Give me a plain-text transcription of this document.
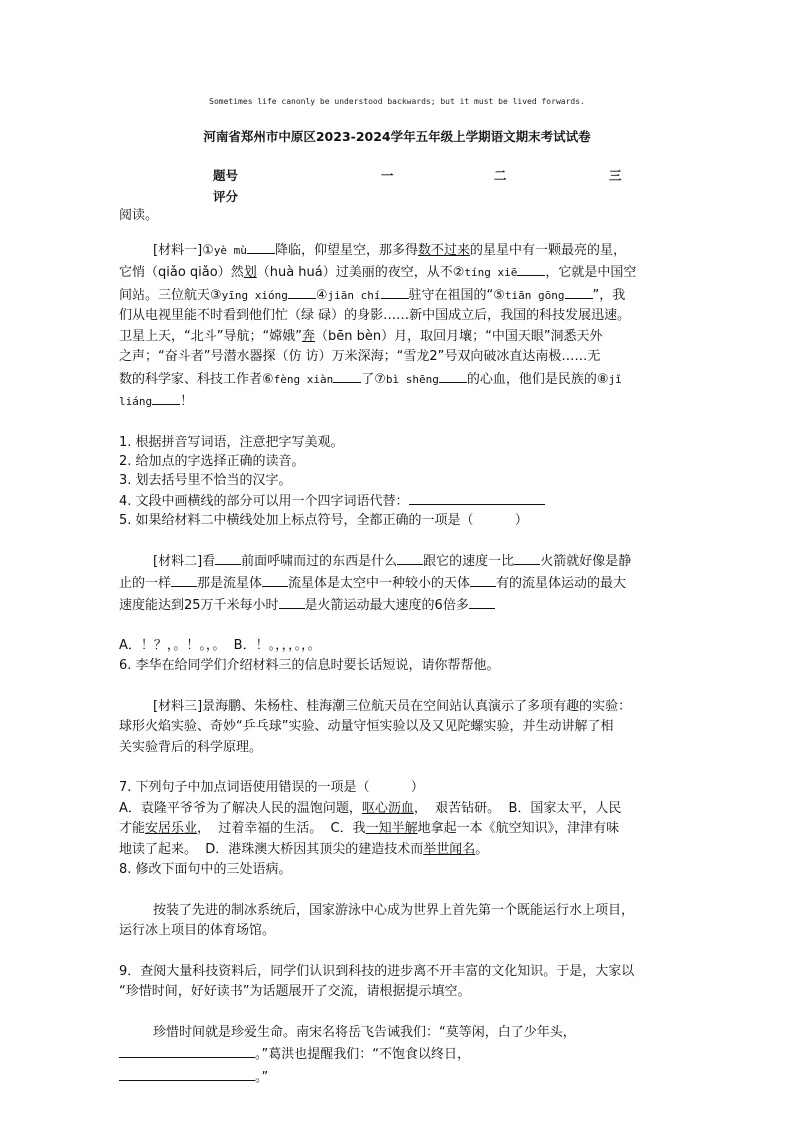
Sometimes life canonly be understood backwards; but it must be lived forwards.
河南省郑州市中原区2023-2024学年五年级上学期语文期末考试试卷
题号	一	二	三
评分

阅读。

[材料一]①yè mù 降临，仰望星空，那多得数不过来的星星中有一颗最亮的星，

它悄（qiǎo qiǎo）然划（huà huá）过美丽的夜空，从不②tíng xiē ，它就是中国空

间站。三位航天③yīng xióng ④jiān chí 驻守在祖国的“⑤tiān gōng ”，我

们从电视里能不时看到他们忙（绿 碌）的身影……新中国成立后，我国的科技发展迅速。

卫星上天，“北斗”导航；“嫦娥”奔（bēn bèn）月，取回月壤；“中国天眼”洞悉天外

之声；“奋斗者”号潜水器探（仿 访）万米深海；“雪龙2”号双向破冰直达南极……无

数的科学家、科技工作者⑥fèng xiàn 了⑦bì shēng 的心血，他们是民族的⑧jǐ

liáng ！

1. 根据拼音写词语，注意把字写美观。

2. 给加点的字选择正确的读音。

3. 划去括号里不恰当的汉字。

4. 文段中画横线的部分可以用一个四字词语代替：

5. 如果给材料二中横线处加上标点符号，全都正确的一项是（          ）

[材料二]看 前面呼啸而过的东西是什么 跟它的速度一比 火箭就好像是静

止的一样 那是流星体 流星体是太空中一种较小的天体 有的流星体运动的最大

速度能达到25万千米每小时 是火箭运动最大速度的6倍多

A．！？，。！。，。  B．！。，，，。，。

6. 李华在给同学们介绍材料三的信息时要长话短说，请你帮帮他。

[材料三]景海鹏、朱杨柱、桂海潮三位航天员在空间站认真演示了多项有趣的实验：

球形火焰实验、奇妙“乒乓球”实验、动量守恒实验以及又见陀螺实验，并生动讲解了相

关实验背后的科学原理。

7. 下列句子中加点词语使用错误的一项是（          ）

A．袁隆平爷爷为了解决人民的温饱问题，呕心沥血，  艰苦钻研。  B．国家太平，人民

才能安居乐业，  过着幸福的生活。  C．我一知半解地拿起一本《航空知识》，津津有味

地读了起来。  D．港珠澳大桥因其顶尖的建造技术而举世闻名。

8. 修改下面句中的三处语病。

按装了先进的制冰系统后，国家游泳中心成为世界上首先第一个既能运行水上项目，

运行冰上项目的体育场馆。

9．查阅大量科技资料后，同学们认识到科技的进步离不开丰富的文化知识。于是，大家以

“珍惜时间，好好读书”为话题展开了交流，请根据提示填空。

珍惜时间就是珍爱生命。南宋名将岳飞告诫我们：“莫等闲，白了少年头，

。”葛洪也提醒我们：“不饱食以终日，

。”
